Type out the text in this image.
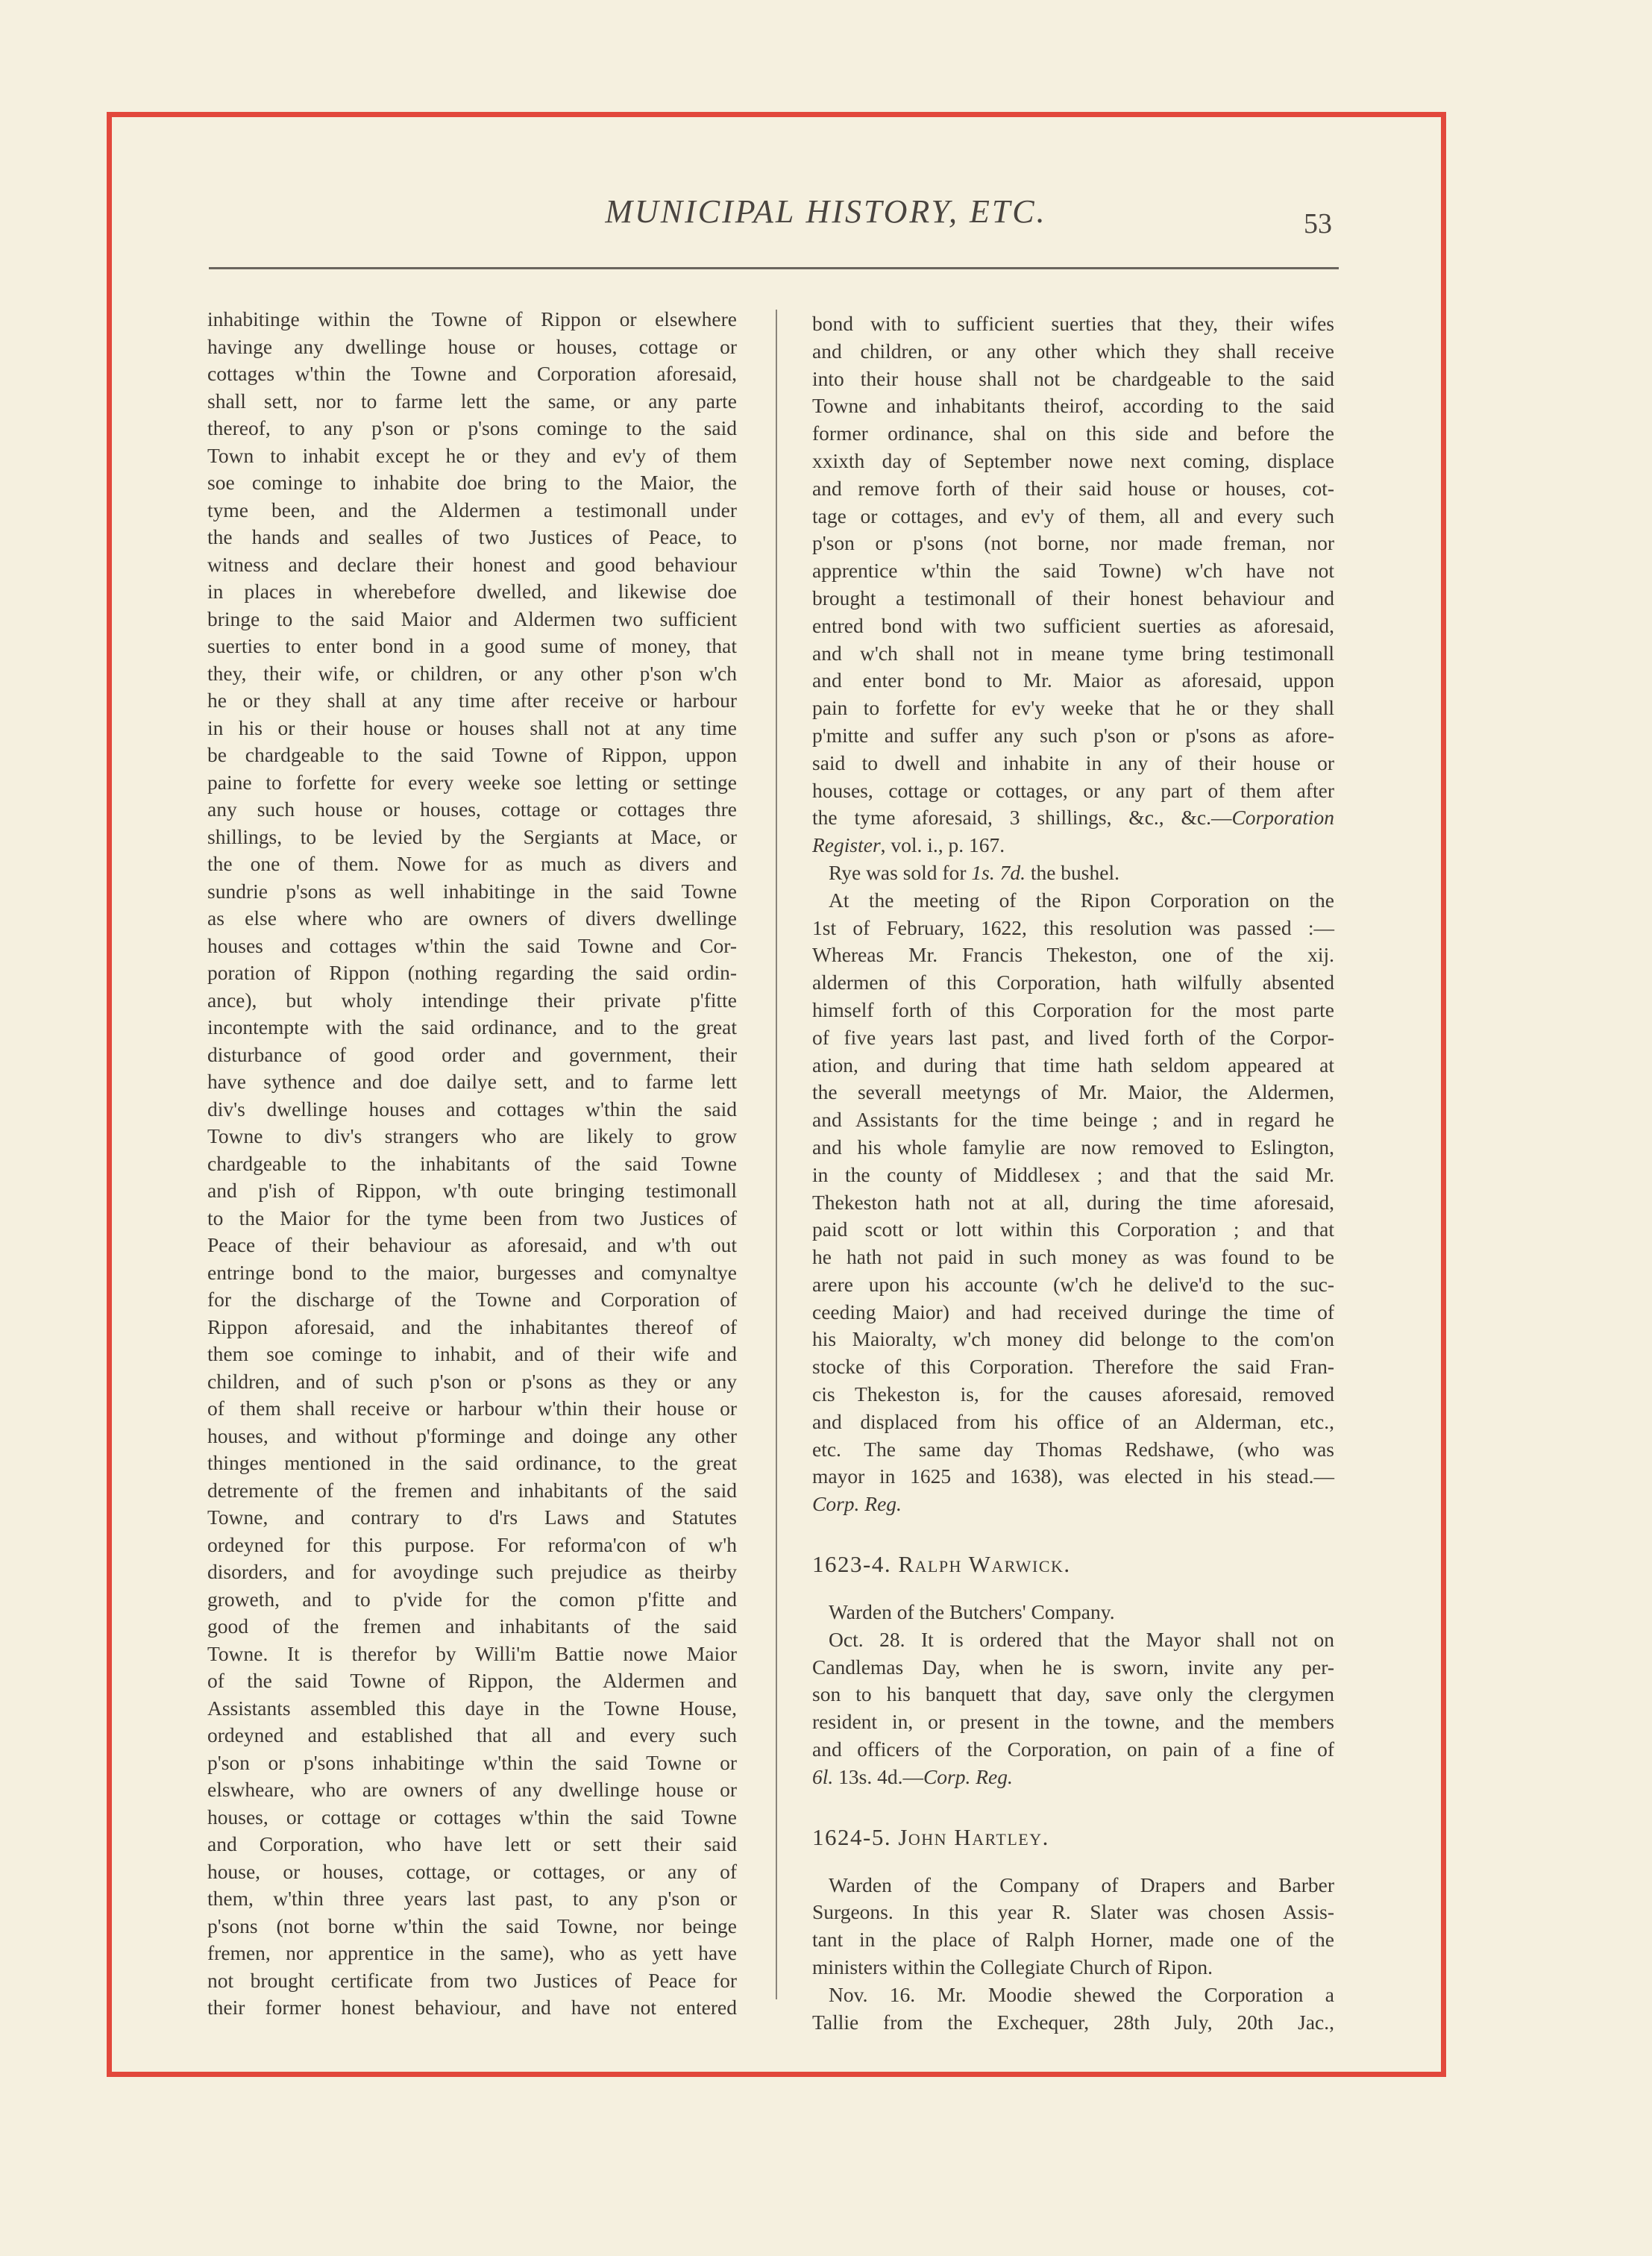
MUNICIPAL HISTORY, ETC.	53
inhabitinge within the Towne of Rippon or elsewhere
havinge any dwellinge house or houses, cottage or
cottages w'thin the Towne and Corporation aforesaid,
shall sett, nor to farme lett the same, or any parte
thereof, to any p'son or p'sons cominge to the said
Town to inhabit except he or they and ev'y of them
soe cominge to inhabite doe bring to the Maior, the
tyme been, and the Aldermen a testimonall under
the hands and sealles of two Justices of Peace, to
witness and declare their honest and good behaviour
in places in wherebefore dwelled, and likewise doe
bringe to the said Maior and Aldermen two sufficient
suerties to enter bond in a good sume of money, that
they, their wife, or children, or any other p'son w'ch
he or they shall at any time after receive or harbour
in his or their house or houses shall not at any time
be chardgeable to the said Towne of Rippon, uppon
paine to forfette for every weeke soe letting or settinge
any such house or houses, cottage or cottages thre
shillings, to be levied by the Sergiants at Mace, or
the one of them. Nowe for as much as divers and
sundrie p'sons as well inhabitinge in the said Towne
as else where who are owners of divers dwellinge
houses and cottages w'thin the said Towne and Cor-
poration of Rippon (nothing regarding the said ordin-
ance), but wholy intendinge their private p'fitte
incontempte with the said ordinance, and to the great
disturbance of good order and government, their
have sythence and doe dailye sett, and to farme lett
div's dwellinge houses and cottages w'thin the said
Towne to div's strangers who are likely to grow
chardgeable to the inhabitants of the said Towne
and p'ish of Rippon, w'th oute bringing testimonall
to the Maior for the tyme been from two Justices of
Peace of their behaviour as aforesaid, and w'th out
entringe bond to the maior, burgesses and comynaltye
for the discharge of the Towne and Corporation of
Rippon aforesaid, and the inhabitantes thereof of
them soe cominge to inhabit, and of their wife and
children, and of such p'son or p'sons as they or any
of them shall receive or harbour w'thin their house or
houses, and without p'forminge and doinge any other
thinges mentioned in the said ordinance, to the great
detremente of the fremen and inhabitants of the said
Towne, and contrary to d'rs Laws and Statutes
ordeyned for this purpose. For reforma'con of w'h
disorders, and for avoydinge such prejudice as theirby
groweth, and to p'vide for the comon p'fitte and
good of the fremen and inhabitants of the said
Towne. It is therefor by Willi'm Battie nowe Maior
of the said Towne of Rippon, the Aldermen and
Assistants assembled this daye in the Towne House,
ordeyned and established that all and every such
p'son or p'sons inhabitinge w'thin the said Towne or
elswheare, who are owners of any dwellinge house or
houses, or cottage or cottages w'thin the said Towne
and Corporation, who have lett or sett their said
house, or houses, cottage, or cottages, or any of
them, w'thin three years last past, to any p'son or
p'sons (not borne w'thin the said Towne, nor beinge
fremen, nor apprentice in the same), who as yett have
not brought certificate from two Justices of Peace for
their former honest behaviour, and have not entered
bond with to sufficient suerties that they, their wifes
and children, or any other which they shall receive
into their house shall not be chardgeable to the said
Towne and inhabitants theirof, according to the said
former ordinance, shal on this side and before the
xxixth day of September nowe next coming, displace
and remove forth of their said house or houses, cot-
tage or cottages, and ev'y of them, all and every such
p'son or p'sons (not borne, nor made freman, nor
apprentice w'thin the said Towne) w'ch have not
brought a testimonall of their honest behaviour and
entred bond with two sufficient suerties as aforesaid,
and w'ch shall not in meane tyme bring testimonall
and enter bond to Mr. Maior as aforesaid, uppon
pain to forfette for ev'y weeke that he or they shall
p'mitte and suffer any such p'son or p'sons as afore-
said to dwell and inhabite in any of their house or
houses, cottage or cottages, or any part of them after
the tyme aforesaid, 3 shillings, &c., &c.—Corporation
Register, vol. i., p. 167.
Rye was sold for 1s. 7d. the bushel.
At the meeting of the Ripon Corporation on the
1st of February, 1622, this resolution was passed :—
Whereas Mr. Francis Thekeston, one of the xij.
aldermen of this Corporation, hath wilfully absented
himself forth of this Corporation for the most parte
of five years last past, and lived forth of the Corpor-
ation, and during that time hath seldom appeared at
the severall meetyngs of Mr. Maior, the Aldermen,
and Assistants for the time beinge ; and in regard he
and his whole famylie are now removed to Eslington,
in the county of Middlesex ; and that the said Mr.
Thekeston hath not at all, during the time aforesaid,
paid scott or lott within this Corporation ; and that
he hath not paid in such money as was found to be
arere upon his accounte (w'ch he delive'd to the suc-
ceeding Maior) and had received duringe the time of
his Maioralty, w'ch money did belonge to the com'on
stocke of this Corporation. Therefore the said Fran-
cis Thekeston is, for the causes aforesaid, removed
and displaced from his office of an Alderman, etc.,
etc. The same day Thomas Redshawe, (who was
mayor in 1625 and 1638), was elected in his stead.—
Corp. Reg.
1623-4. Ralph Warwick.
Warden of the Butchers' Company.
Oct. 28. It is ordered that the Mayor shall not on
Candlemas Day, when he is sworn, invite any per-
son to his banquett that day, save only the clergymen
resident in, or present in the towne, and the members
and officers of the Corporation, on pain of a fine of
6l. 13s. 4d.—Corp. Reg.
1624-5. John Hartley.
Warden of the Company of Drapers and Barber
Surgeons. In this year R. Slater was chosen Assis-
tant in the place of Ralph Horner, made one of the
ministers within the Collegiate Church of Ripon.
Nov. 16. Mr. Moodie shewed the Corporation a
Tallie from the Exchequer, 28th July, 20th Jac.,
